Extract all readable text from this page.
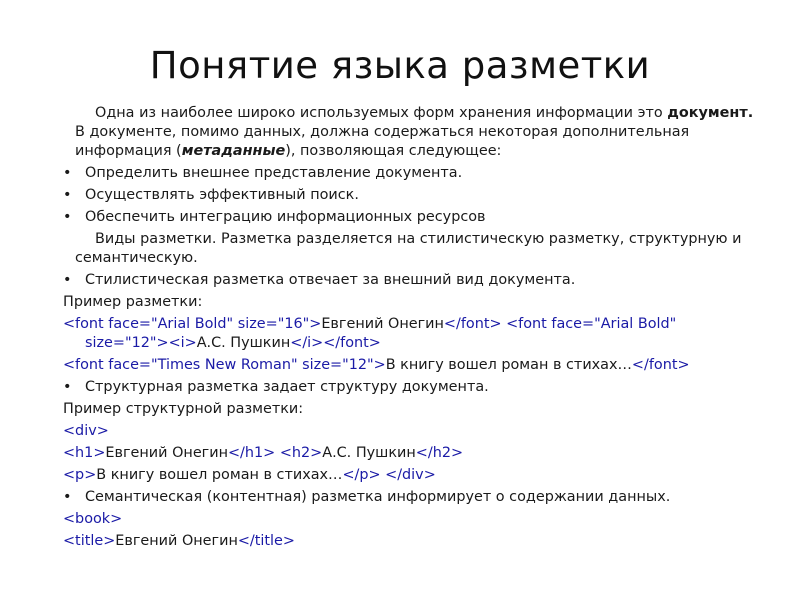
Понятие языка разметки
Одна из наиболее широко используемых форм хранения информации это документ. В документе, помимо данных, должна содержаться некоторая дополнительная информация (метаданные), позволяющая следующее:
• Определить внешнее представление документа.
• Осуществлять эффективный поиск.
• Обеспечить интеграцию информационных ресурсов
Виды разметки. Разметка разделяется на стилистическую разметку, структурную и семантическую.
• Стилистическая разметка отвечает за внешний вид документа.
Пример разметки:
<font face="Arial Bold" size="16">Евгений Онегин</font> <font face="Arial Bold" size="12"><i>А.С. Пушкин</i></font>
<font face="Times New Roman" size="12">В книгу вошел роман в стихах…</font>
• Структурная разметка задает структуру документа.
Пример структурной разметки:
<div>
<h1>Евгений Онегин</h1> <h2>А.С. Пушкин</h2>
<p>В книгу вошел роман в стихах…</p> </div>
• Семантическая (контентная) разметка информирует о содержании данных.
<book>
<title>Евгений Онегин</title>
